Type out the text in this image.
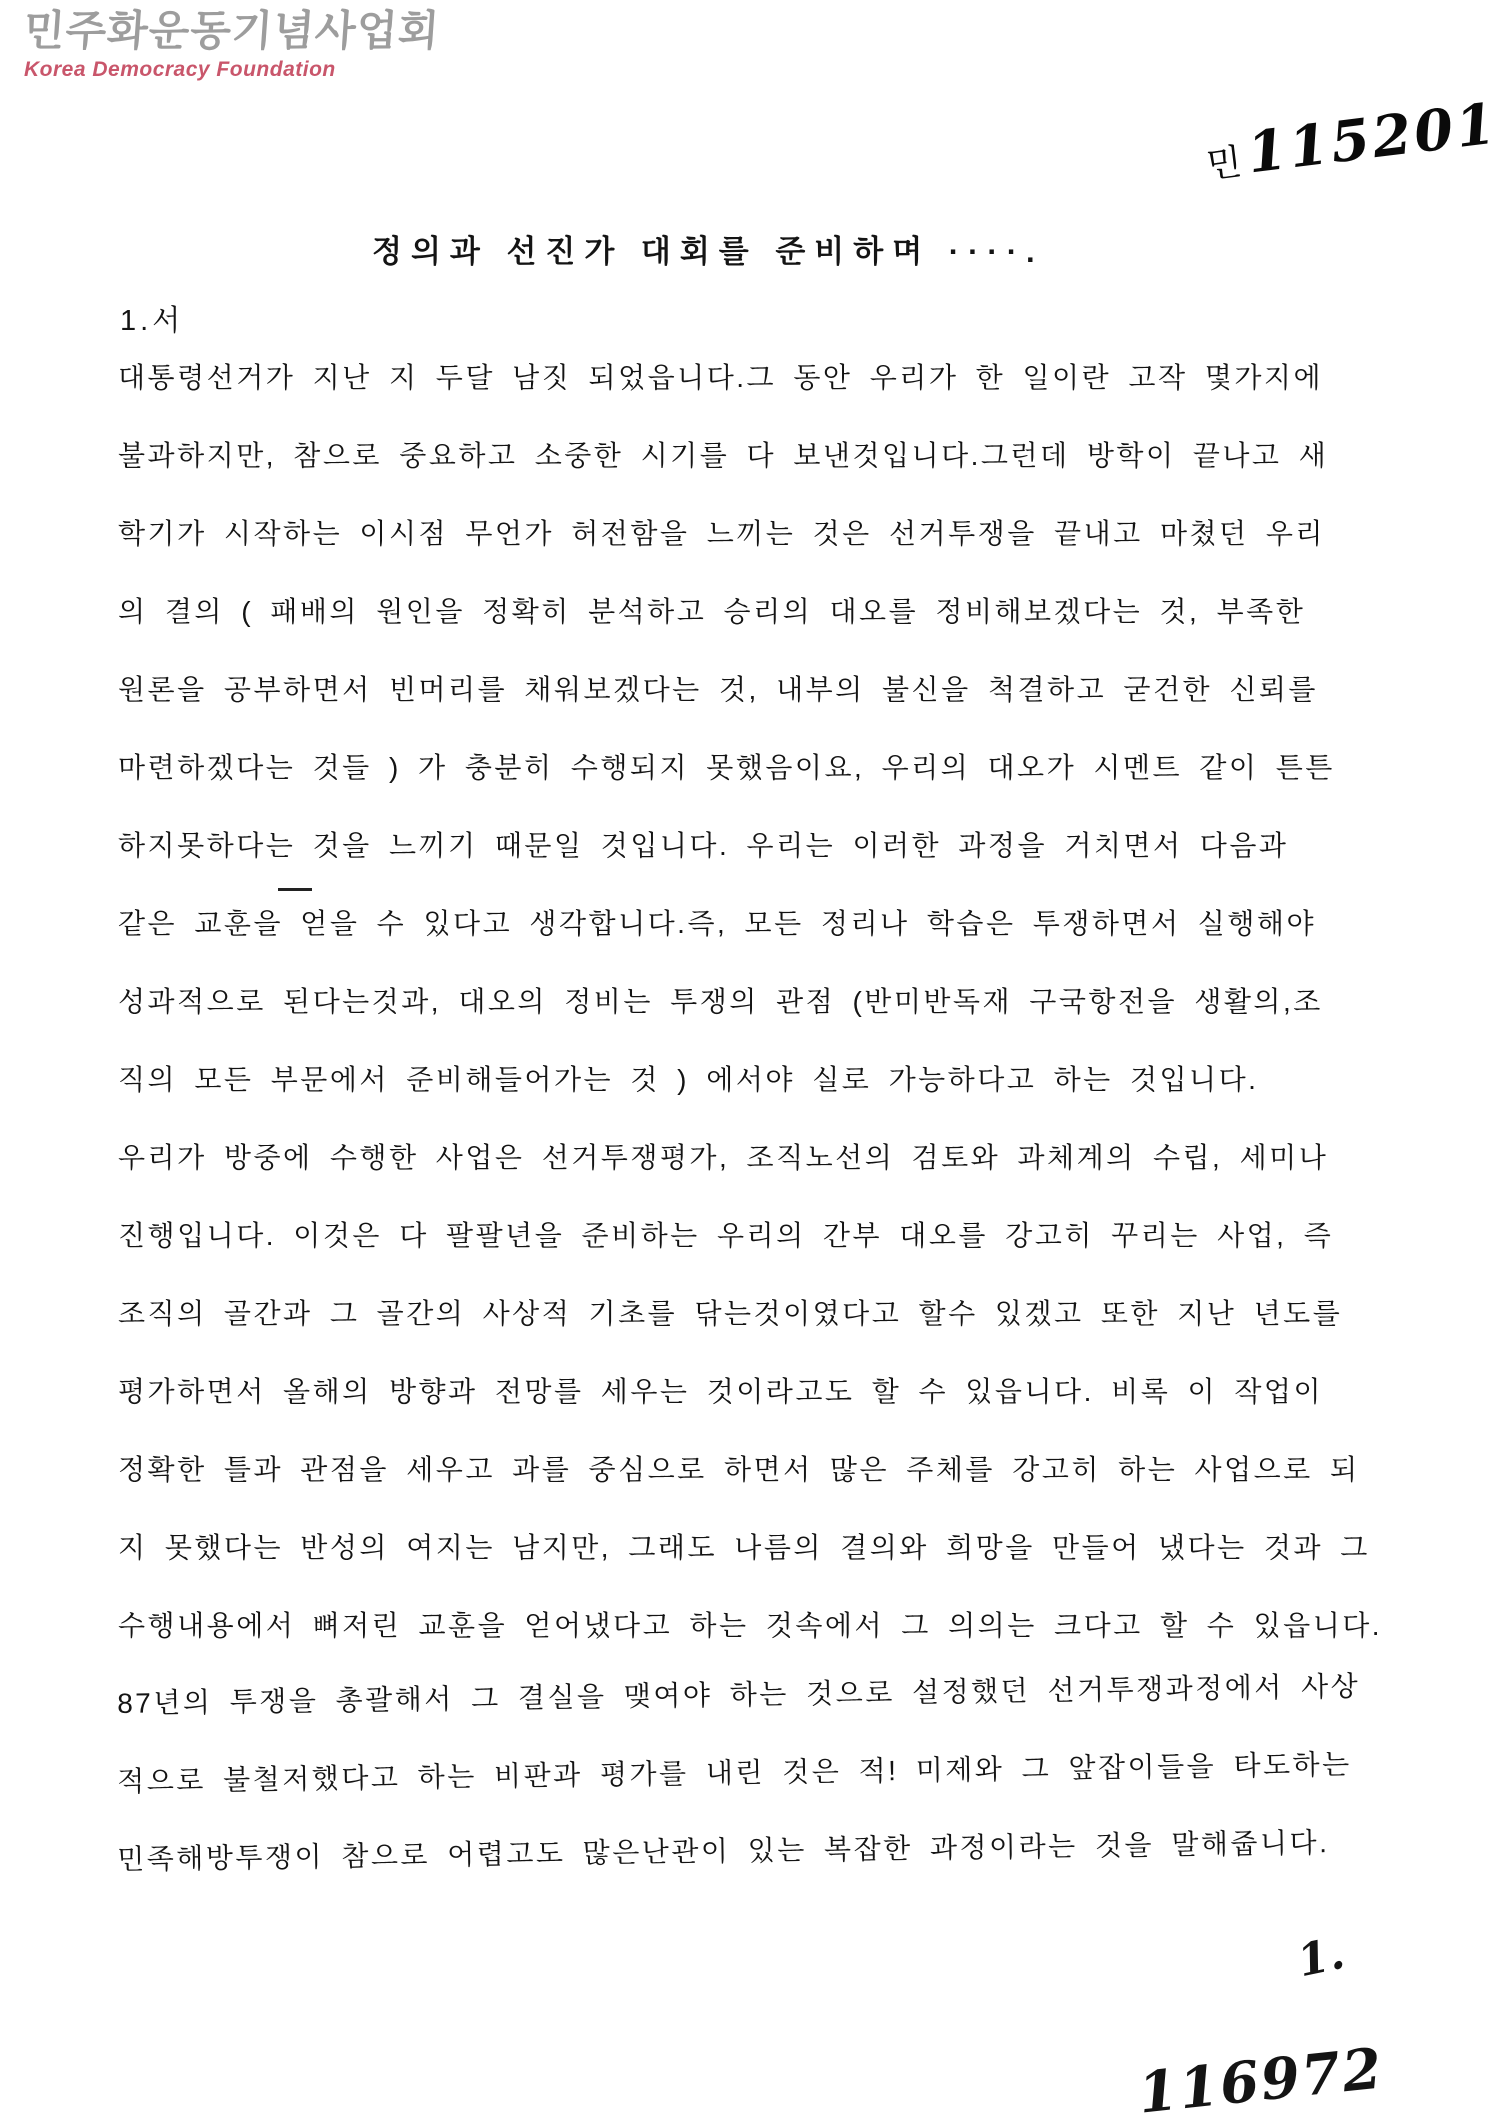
민주화운동기념사업회
Korea Democracy Foundation
민 115201
정의과 선진가 대회를 준비하며 ····.
1.서
대통령선거가 지난 지 두달 남짓 되었읍니다.그 동안 우리가 한 일이란 고작 몇가지에
불과하지만, 참으로 중요하고 소중한 시기를 다 보낸것입니다.그런데 방학이 끝나고 새
학기가 시작하는 이시점 무언가 허전함을 느끼는 것은 선거투쟁을 끝내고 마쳤던 우리
의 결의 ( 패배의 원인을 정확히 분석하고 승리의 대오를 정비해보겠다는 것, 부족한
원론을 공부하면서 빈머리를 채워보겠다는 것, 내부의 불신을 척결하고 굳건한 신뢰를
마련하겠다는 것들 ) 가 충분히 수행되지 못했음이요, 우리의 대오가 시멘트 같이 튼튼
하지못하다는 것을 느끼기 때문일 것입니다. 우리는 이러한 과정을 거치면서 다음과
같은 교훈을 얻을 수 있다고 생각합니다.즉, 모든 정리나 학습은 투쟁하면서 실행해야
성과적으로 된다는것과, 대오의 정비는 투쟁의 관점 (반미반독재 구국항전을 생활의,조
직의 모든 부문에서 준비해들어가는 것 ) 에서야 실로 가능하다고 하는 것입니다.
우리가 방중에 수행한 사업은 선거투쟁평가, 조직노선의 검토와 과체계의 수립, 세미나
진행입니다. 이것은 다 팔팔년을 준비하는 우리의 간부 대오를 강고히 꾸리는 사업, 즉
조직의 골간과 그 골간의 사상적 기초를 닦는것이였다고 할수 있겠고 또한 지난 년도를
평가하면서 올해의 방향과 전망를 세우는 것이라고도 할 수 있읍니다. 비록 이 작업이
정확한 틀과 관점을 세우고 과를 중심으로 하면서 많은 주체를 강고히 하는 사업으로 되
지 못했다는 반성의 여지는 남지만, 그래도 나름의 결의와 희망을 만들어 냈다는 것과 그
수행내용에서 뼈저린 교훈을 얻어냈다고 하는 것속에서 그 의의는 크다고 할 수 있읍니다.
87년의 투쟁을 총괄해서 그 결실을 맺여야 하는 것으로 설정했던 선거투쟁과정에서 사상
적으로 불철저했다고 하는 비판과 평가를 내린 것은 적! 미제와 그 앞잡이들을 타도하는
민족해방투쟁이 참으로 어렵고도 많은난관이 있는 복잡한 과정이라는 것을 말해줍니다.
1.
116972
